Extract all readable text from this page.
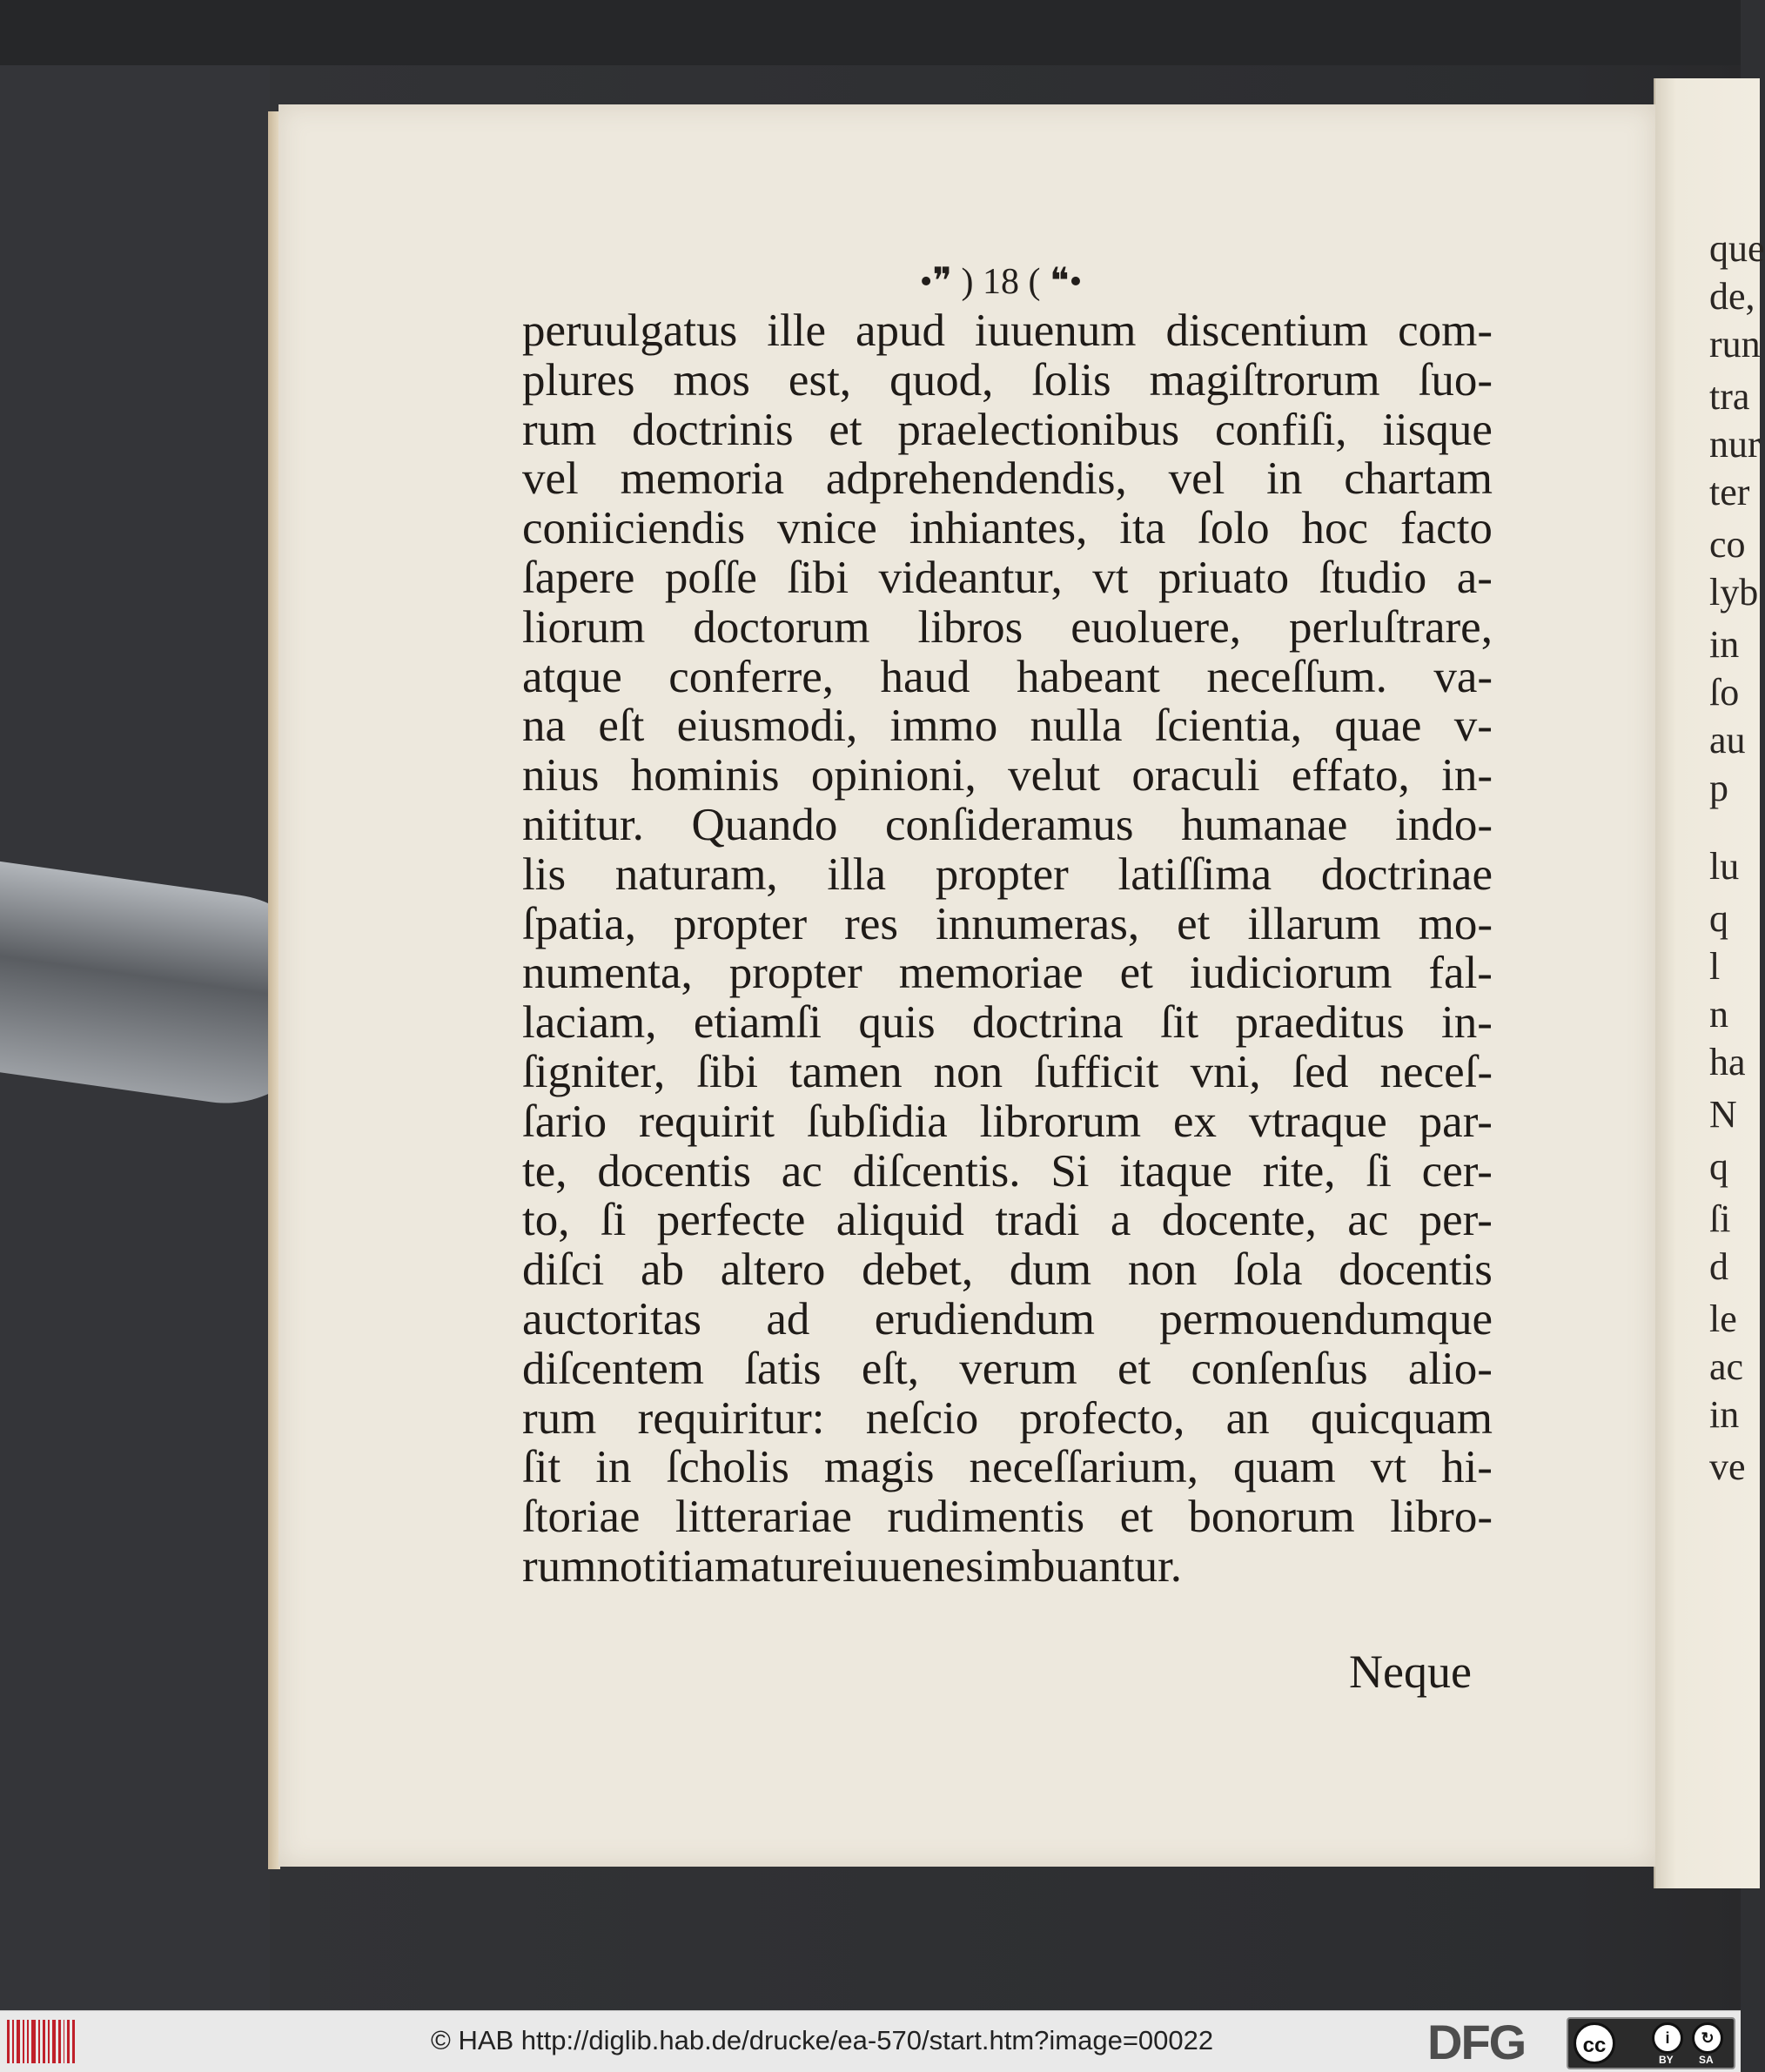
que
de,
run
tra
nur
ter
co
lyb
in
ſo
au
p
lu
q
l
n
ha
N
q
ſi
d
le
ac
in
ve
•❞ ) 18 ( ❝•
peruulgatus ille apud iuuenum discentium com-
plures mos est, quod, ſolis magiſtrorum ſuo-
rum doctrinis et praelectionibus confiſi, iisque
vel memoria adprehendendis, vel in chartam
coniiciendis vnice inhiantes, ita ſolo hoc facto
ſapere poſſe ſibi videantur, vt priuato ſtudio a-
liorum doctorum libros euoluere, perluſtrare,
atque conferre, haud habeant neceſſum. va-
na eſt eiusmodi, immo nulla ſcientia, quae v-
nius hominis opinioni, velut oraculi effato, in-
nititur. Quando conſideramus humanae indo-
lis naturam, illa propter latiſſima doctrinae
ſpatia, propter res innumeras, et illarum mo-
numenta, propter memoriae et iudiciorum fal-
laciam, etiamſi quis doctrina ſit praeditus in-
ſigniter, ſibi tamen non ſufficit vni, ſed neceſ-
ſario requirit ſubſidia librorum ex vtraque par-
te, docentis ac diſcentis. Si itaque rite, ſi cer-
to, ſi perfecte aliquid tradi a docente, ac per-
diſci ab altero debet, dum non ſola docentis
auctoritas ad erudiendum permouendumque
diſcentem ſatis eſt, verum et conſenſus alio-
rum requiritur: neſcio profecto, an quicquam
ſit in ſcholis magis neceſſarium, quam vt hi-
ſtoriae litterariae rudimentis et bonorum libro-
rum notitia mature iuuenes imbuantur.
Neque
© HAB http://diglib.hab.de/drucke/ea-570/start.htm?image=00022	DFG	cc	i	↻
BY SA
